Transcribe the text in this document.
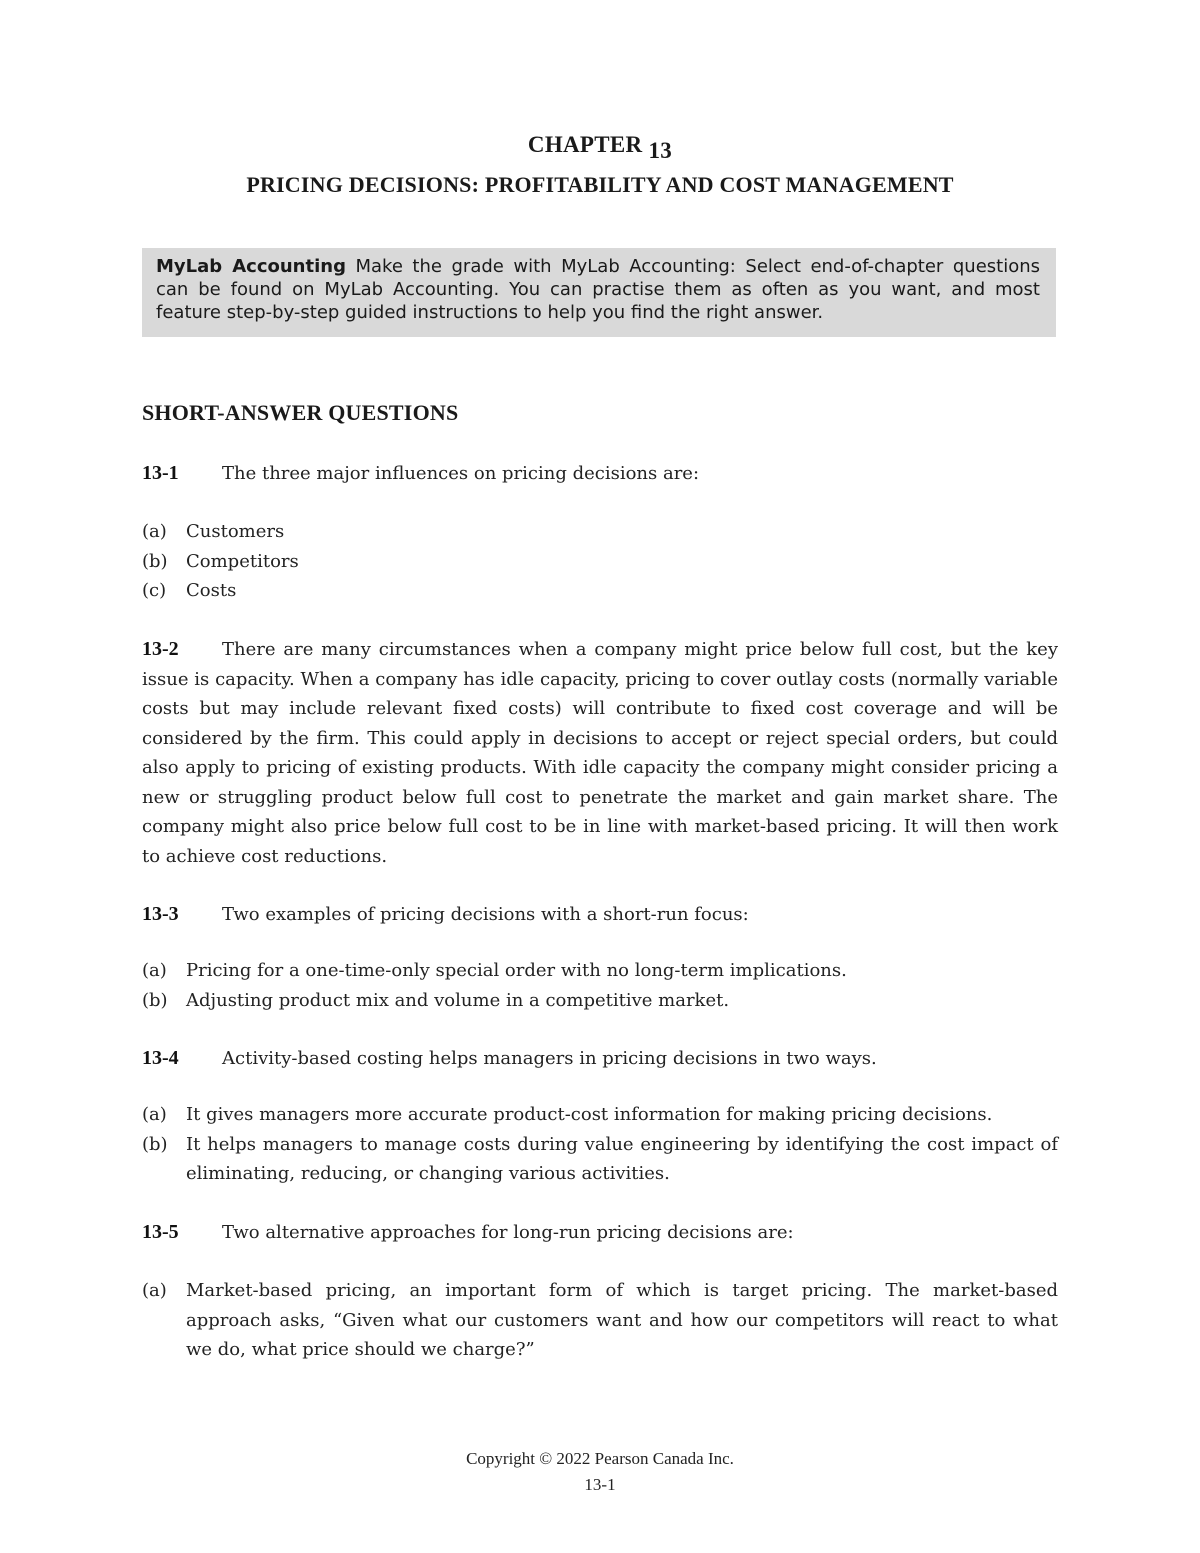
CHAPTER 13
PRICING DECISIONS: PROFITABILITY AND COST MANAGEMENT
MyLab Accounting Make the grade with MyLab Accounting: Select end-of-chapter questions can be found on MyLab Accounting. You can practise them as often as you want, and most feature step-by-step guided instructions to help you find the right answer.
SHORT-ANSWER QUESTIONS
13-1 The three major influences on pricing decisions are:
(a) Customers
(b) Competitors
(c) Costs
13-2 There are many circumstances when a company might price below full cost, but the key issue is capacity. When a company has idle capacity, pricing to cover outlay costs (normally variable costs but may include relevant fixed costs) will contribute to fixed cost coverage and will be considered by the firm. This could apply in decisions to accept or reject special orders, but could also apply to pricing of existing products. With idle capacity the company might consider pricing a new or struggling product below full cost to penetrate the market and gain market share. The company might also price below full cost to be in line with market-based pricing. It will then work to achieve cost reductions.
13-3 Two examples of pricing decisions with a short-run focus:
(a) Pricing for a one-time-only special order with no long-term implications.
(b) Adjusting product mix and volume in a competitive market.
13-4 Activity-based costing helps managers in pricing decisions in two ways.
(a) It gives managers more accurate product-cost information for making pricing decisions.
(b) It helps managers to manage costs during value engineering by identifying the cost impact of eliminating, reducing, or changing various activities.
13-5 Two alternative approaches for long-run pricing decisions are:
(a) Market-based pricing, an important form of which is target pricing. The market-based approach asks, “Given what our customers want and how our competitors will react to what we do, what price should we charge?”
Copyright © 2022 Pearson Canada Inc.
13-1
